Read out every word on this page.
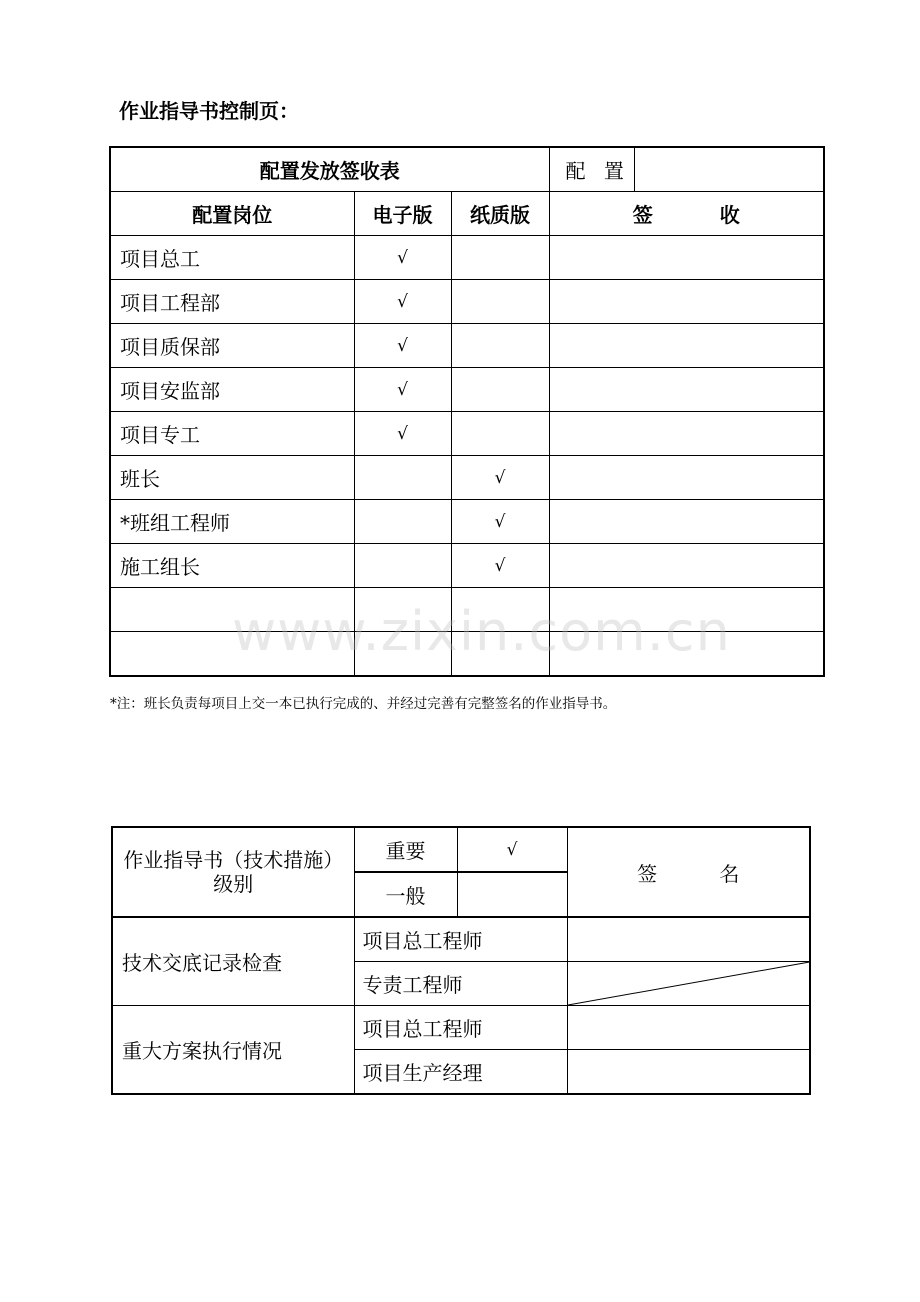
作业指导书控制页：
配置发放签收表			配 置	
配置岗位	电子版	纸质版	签 收	
项目总工	√			
项目工程部	√			
项目质保部	√			
项目安监部	√			
项目专工	√			
班长		√		
*班组工程师		√		
施工组长		√		

www.zixin.com.cn

*注：班长负责每项目上交一本已执行完成的、并经过完善有完整签名的作业指导书。

作业指导书（技术措施）
级别	重要	√	签 名
	一般		
技术交底记录检查	项目总工程师		
	专责工程师	

重大方案执行情况	项目总工程师		
	项目生产经理		
